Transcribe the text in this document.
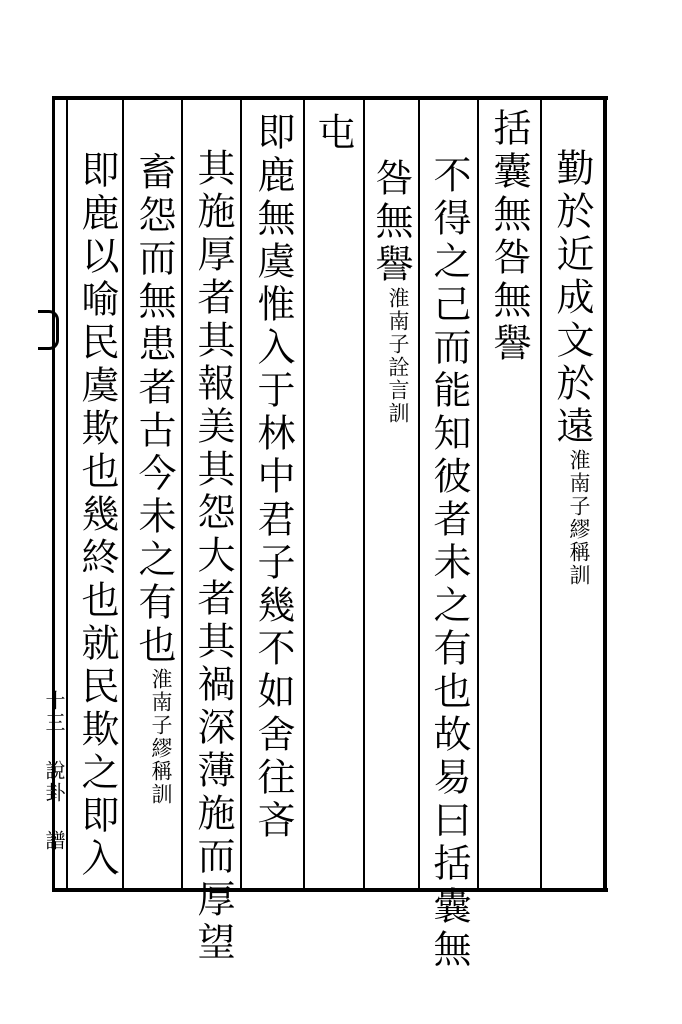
勤於近成文於遠淮南子繆稱訓
括囊無咎無譽
不得之己而能知彼者未之有也故易曰括囊無
咎無譽淮南子詮言訓
屯
即鹿無虞惟入于林中君子幾不如舍往吝
其施厚者其報美其怨大者其禍深薄施而厚望
畜怨而無患者古今未之有也淮南子繆稱訓
即鹿以喻民虞欺也幾終也就民欺之即入
十三 說卦 譜
